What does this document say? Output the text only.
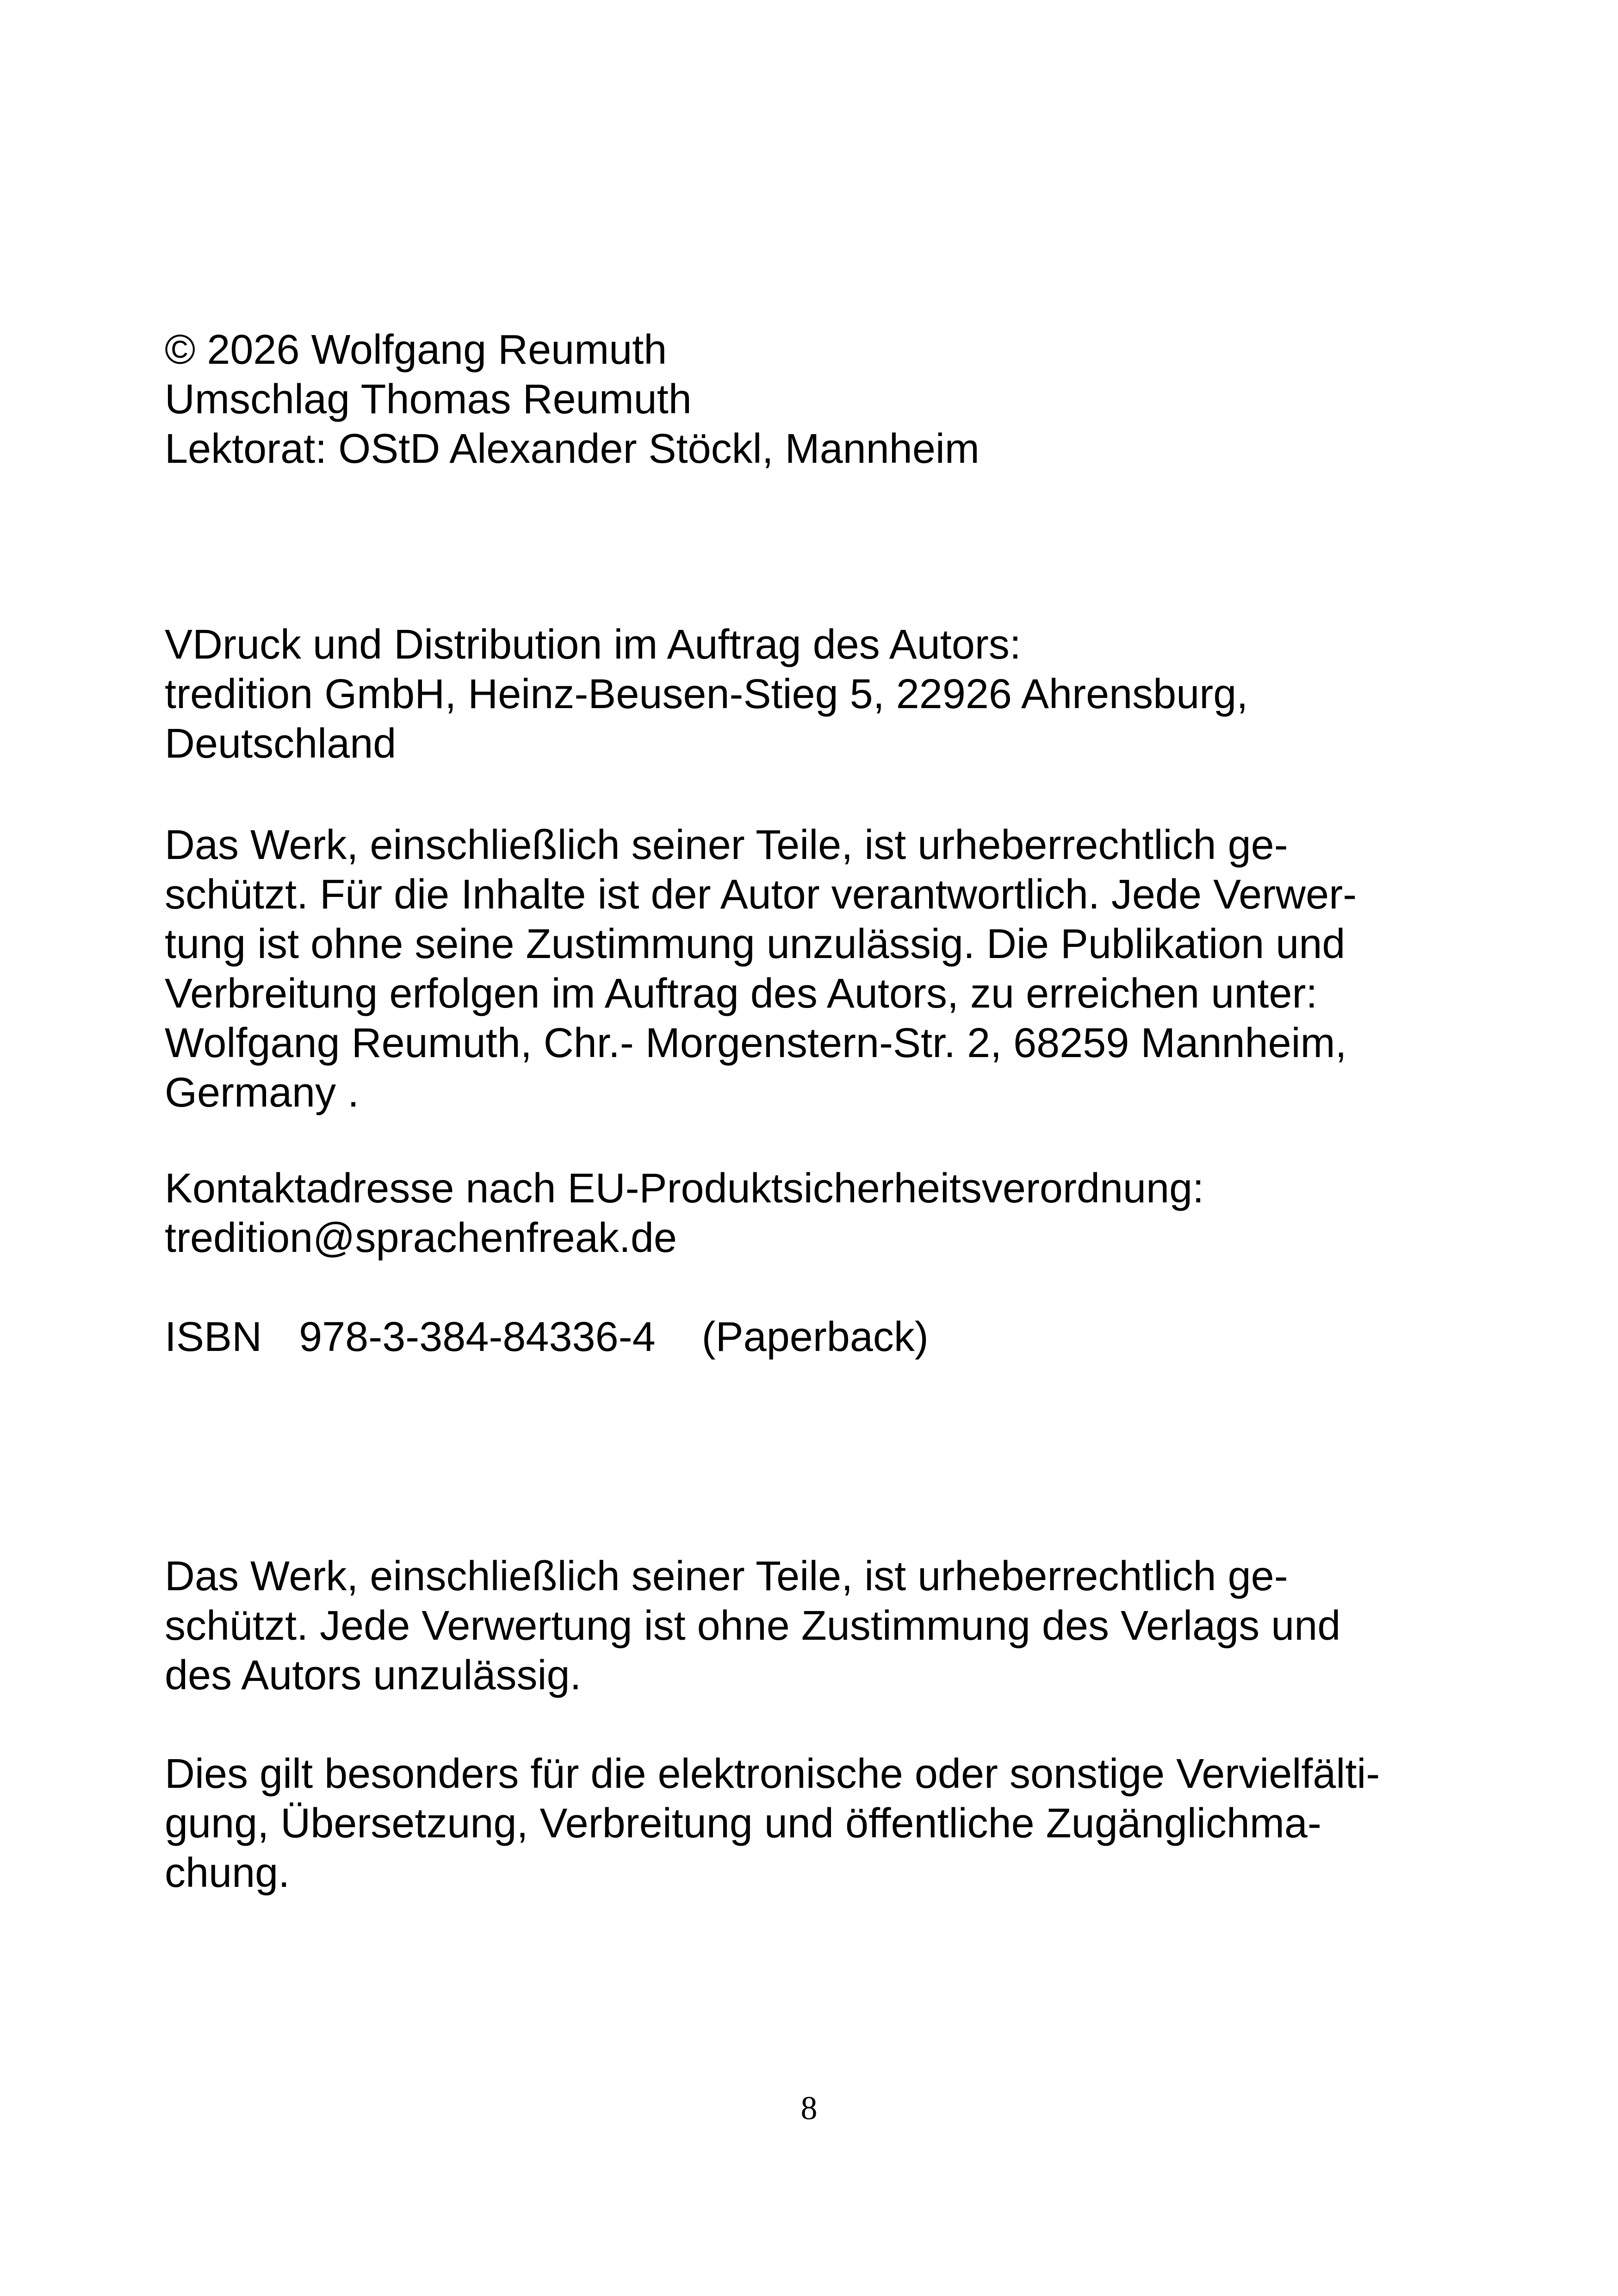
© 2026 Wolfgang Reumuth
Umschlag Thomas Reumuth
Lektorat: OStD Alexander Stöckl, Mannheim
VDruck und Distribution im Auftrag des Autors:
tredition GmbH, Heinz-Beusen-Stieg 5, 22926 Ahrensburg,
Deutschland
Das Werk, einschließlich seiner Teile, ist urheberrechtlich ge-
schützt. Für die Inhalte ist der Autor verantwortlich. Jede Verwer-
tung ist ohne seine Zustimmung unzulässig. Die Publikation und
Verbreitung erfolgen im Auftrag des Autors, zu erreichen unter:
Wolfgang Reumuth, Chr.- Morgenstern-Str. 2, 68259 Mannheim,
Germany .
Kontaktadresse nach EU-Produktsicherheitsverordnung:
tredition@sprachenfreak.de
ISBN 978-3-384-84336-4 (Paperback)
Das Werk, einschließlich seiner Teile, ist urheberrechtlich ge-
schützt. Jede Verwertung ist ohne Zustimmung des Verlags und
des Autors unzulässig.
Dies gilt besonders für die elektronische oder sonstige Vervielfälti-
gung, Übersetzung, Verbreitung und öffentliche Zugänglichma-
chung.

8
